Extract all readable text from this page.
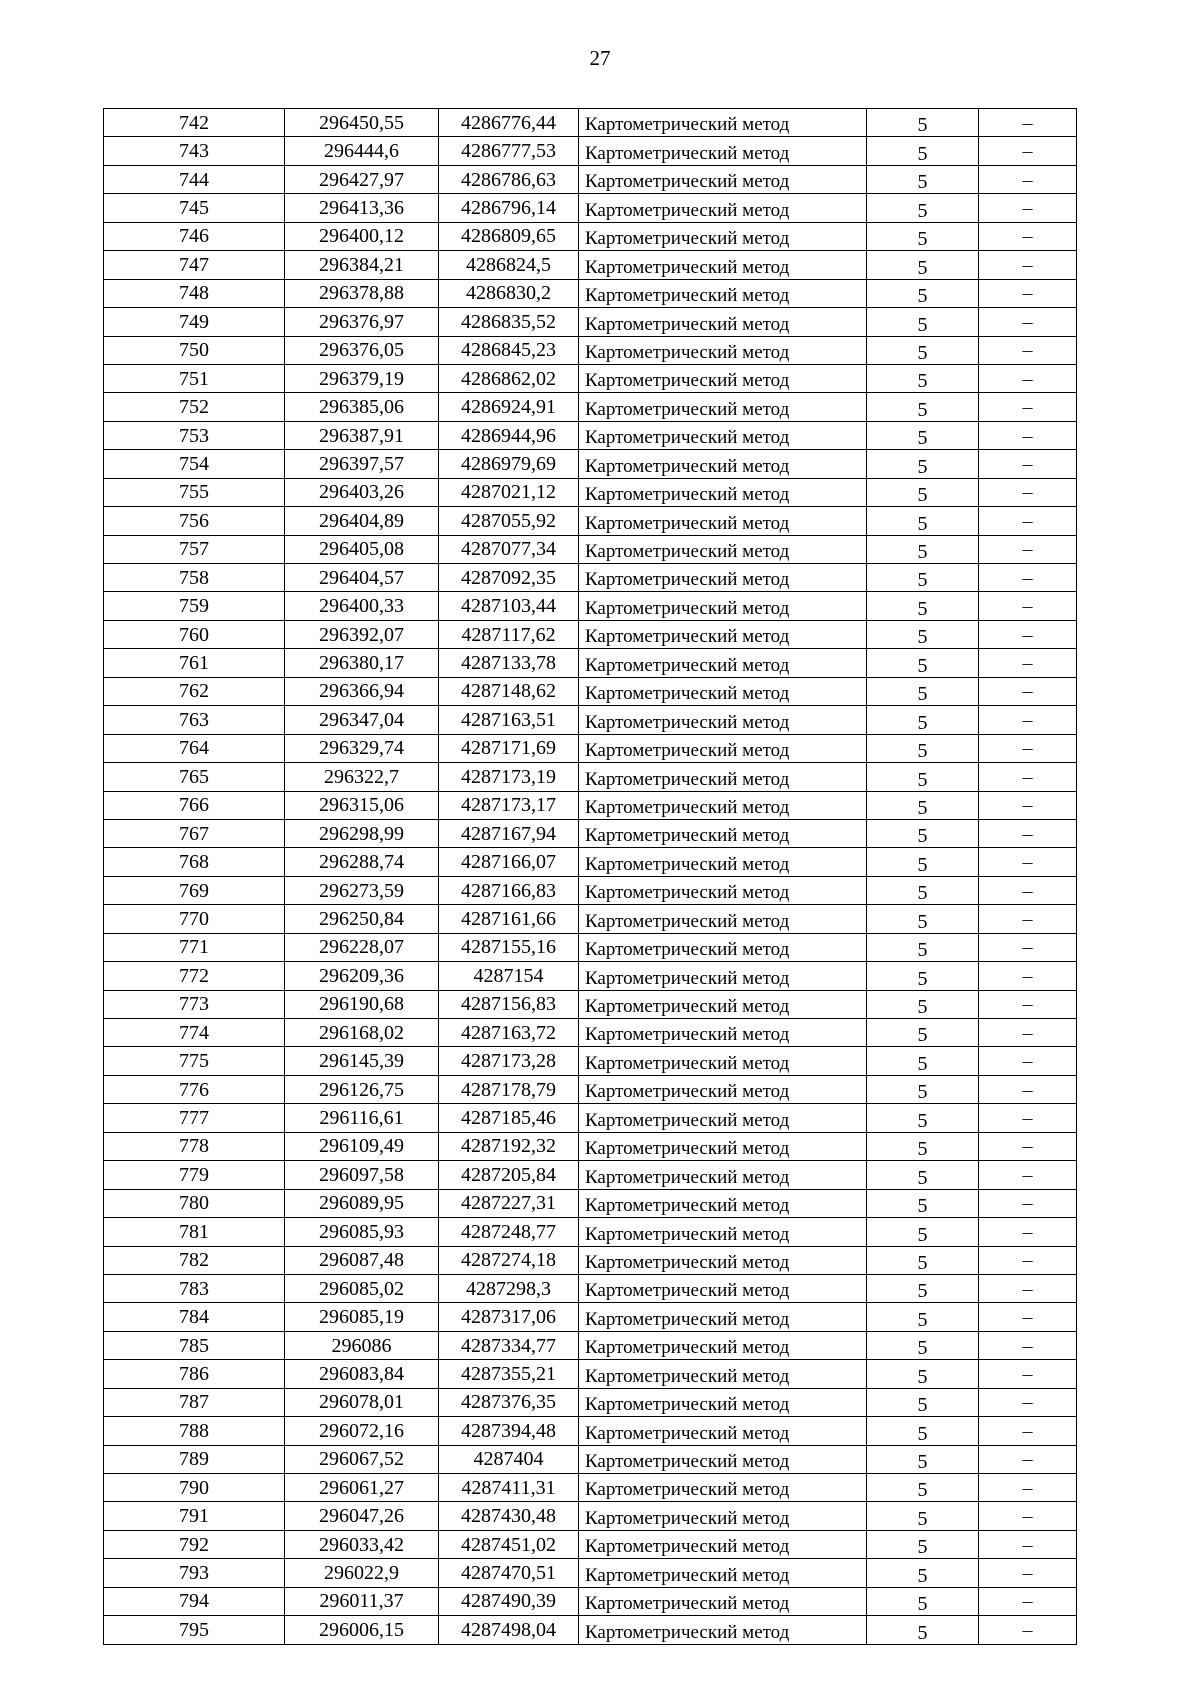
27
742	296450,55	4286776,44	Картометрический метод	5	–
743	296444,6	4286777,53	Картометрический метод	5	–
744	296427,97	4286786,63	Картометрический метод	5	–
745	296413,36	4286796,14	Картометрический метод	5	–
746	296400,12	4286809,65	Картометрический метод	5	–
747	296384,21	4286824,5	Картометрический метод	5	–
748	296378,88	4286830,2	Картометрический метод	5	–
749	296376,97	4286835,52	Картометрический метод	5	–
750	296376,05	4286845,23	Картометрический метод	5	–
751	296379,19	4286862,02	Картометрический метод	5	–
752	296385,06	4286924,91	Картометрический метод	5	–
753	296387,91	4286944,96	Картометрический метод	5	–
754	296397,57	4286979,69	Картометрический метод	5	–
755	296403,26	4287021,12	Картометрический метод	5	–
756	296404,89	4287055,92	Картометрический метод	5	–
757	296405,08	4287077,34	Картометрический метод	5	–
758	296404,57	4287092,35	Картометрический метод	5	–
759	296400,33	4287103,44	Картометрический метод	5	–
760	296392,07	4287117,62	Картометрический метод	5	–
761	296380,17	4287133,78	Картометрический метод	5	–
762	296366,94	4287148,62	Картометрический метод	5	–
763	296347,04	4287163,51	Картометрический метод	5	–
764	296329,74	4287171,69	Картометрический метод	5	–
765	296322,7	4287173,19	Картометрический метод	5	–
766	296315,06	4287173,17	Картометрический метод	5	–
767	296298,99	4287167,94	Картометрический метод	5	–
768	296288,74	4287166,07	Картометрический метод	5	–
769	296273,59	4287166,83	Картометрический метод	5	–
770	296250,84	4287161,66	Картометрический метод	5	–
771	296228,07	4287155,16	Картометрический метод	5	–
772	296209,36	4287154	Картометрический метод	5	–
773	296190,68	4287156,83	Картометрический метод	5	–
774	296168,02	4287163,72	Картометрический метод	5	–
775	296145,39	4287173,28	Картометрический метод	5	–
776	296126,75	4287178,79	Картометрический метод	5	–
777	296116,61	4287185,46	Картометрический метод	5	–
778	296109,49	4287192,32	Картометрический метод	5	–
779	296097,58	4287205,84	Картометрический метод	5	–
780	296089,95	4287227,31	Картометрический метод	5	–
781	296085,93	4287248,77	Картометрический метод	5	–
782	296087,48	4287274,18	Картометрический метод	5	–
783	296085,02	4287298,3	Картометрический метод	5	–
784	296085,19	4287317,06	Картометрический метод	5	–
785	296086	4287334,77	Картометрический метод	5	–
786	296083,84	4287355,21	Картометрический метод	5	–
787	296078,01	4287376,35	Картометрический метод	5	–
788	296072,16	4287394,48	Картометрический метод	5	–
789	296067,52	4287404	Картометрический метод	5	–
790	296061,27	4287411,31	Картометрический метод	5	–
791	296047,26	4287430,48	Картометрический метод	5	–
792	296033,42	4287451,02	Картометрический метод	5	–
793	296022,9	4287470,51	Картометрический метод	5	–
794	296011,37	4287490,39	Картометрический метод	5	–
795	296006,15	4287498,04	Картометрический метод	5	–
